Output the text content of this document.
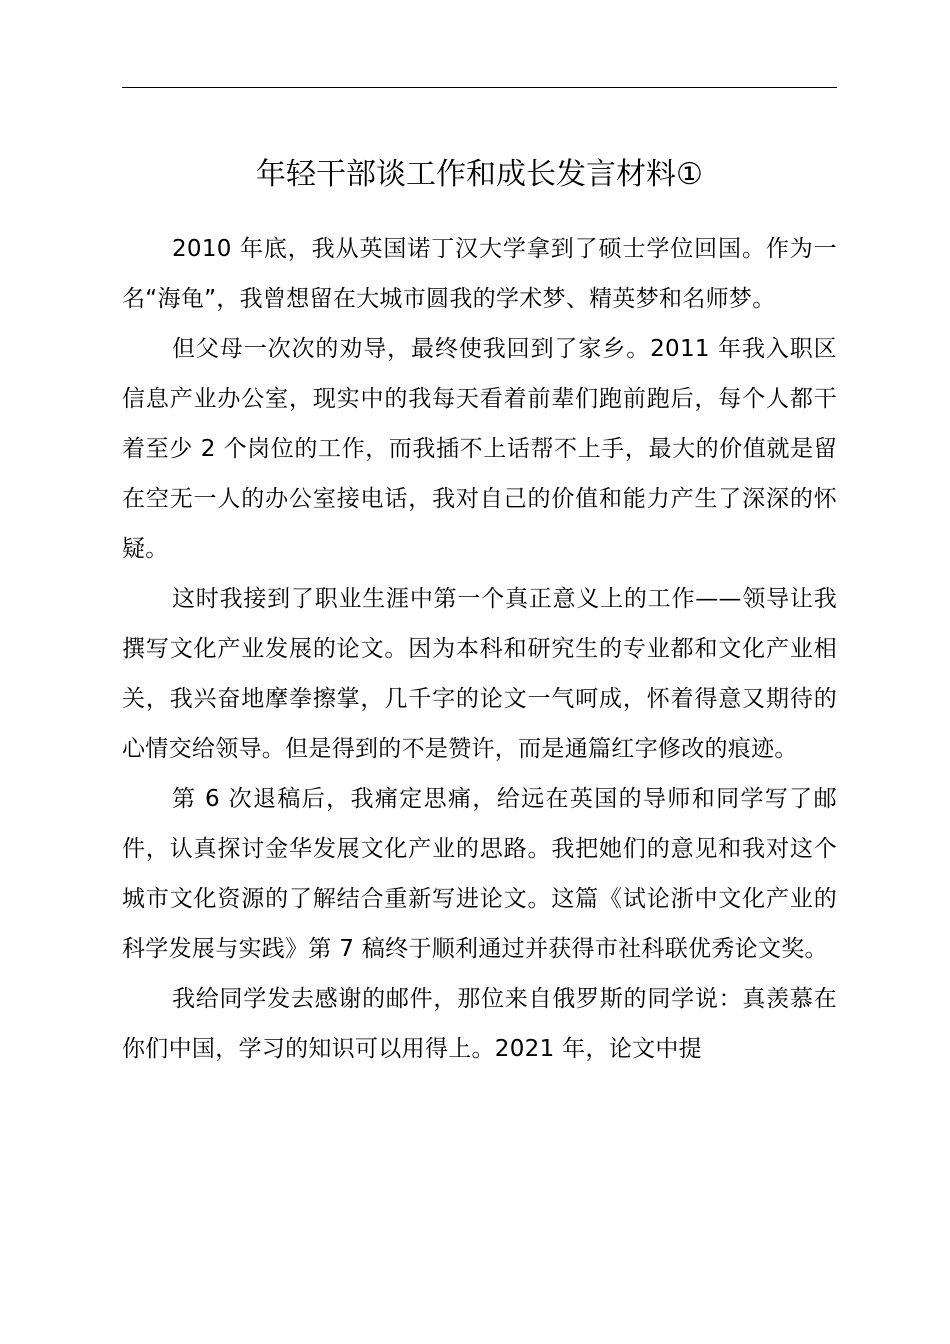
年轻干部谈工作和成长发言材料①

2010 年底，我从英国诺丁汉大学拿到了硕士学位回国。作为一名“海龟”，我曾想留在大城市圆我的学术梦、精英梦和名师梦。

但父母一次次的劝导，最终使我回到了家乡。2011 年我入职区信息产业办公室，现实中的我每天看着前辈们跑前跑后，每个人都干着至少 2 个岗位的工作，而我插不上话帮不上手，最大的价值就是留在空无一人的办公室接电话，我对自己的价值和能力产生了深深的怀疑。

这时我接到了职业生涯中第一个真正意义上的工作——领导让我撰写文化产业发展的论文。因为本科和研究生的专业都和文化产业相关，我兴奋地摩拳擦掌，几千字的论文一气呵成，怀着得意又期待的心情交给领导。但是得到的不是赞许，而是通篇红字修改的痕迹。

第 6 次退稿后，我痛定思痛，给远在英国的导师和同学写了邮件，认真探讨金华发展文化产业的思路。我把她们的意见和我对这个城市文化资源的了解结合重新写进论文。这篇《试论浙中文化产业的科学发展与实践》第 7 稿终于顺利通过并获得市社科联优秀论文奖。

我给同学发去感谢的邮件，那位来自俄罗斯的同学说：真羡慕在你们中国，学习的知识可以用得上。2021 年，论文中提
